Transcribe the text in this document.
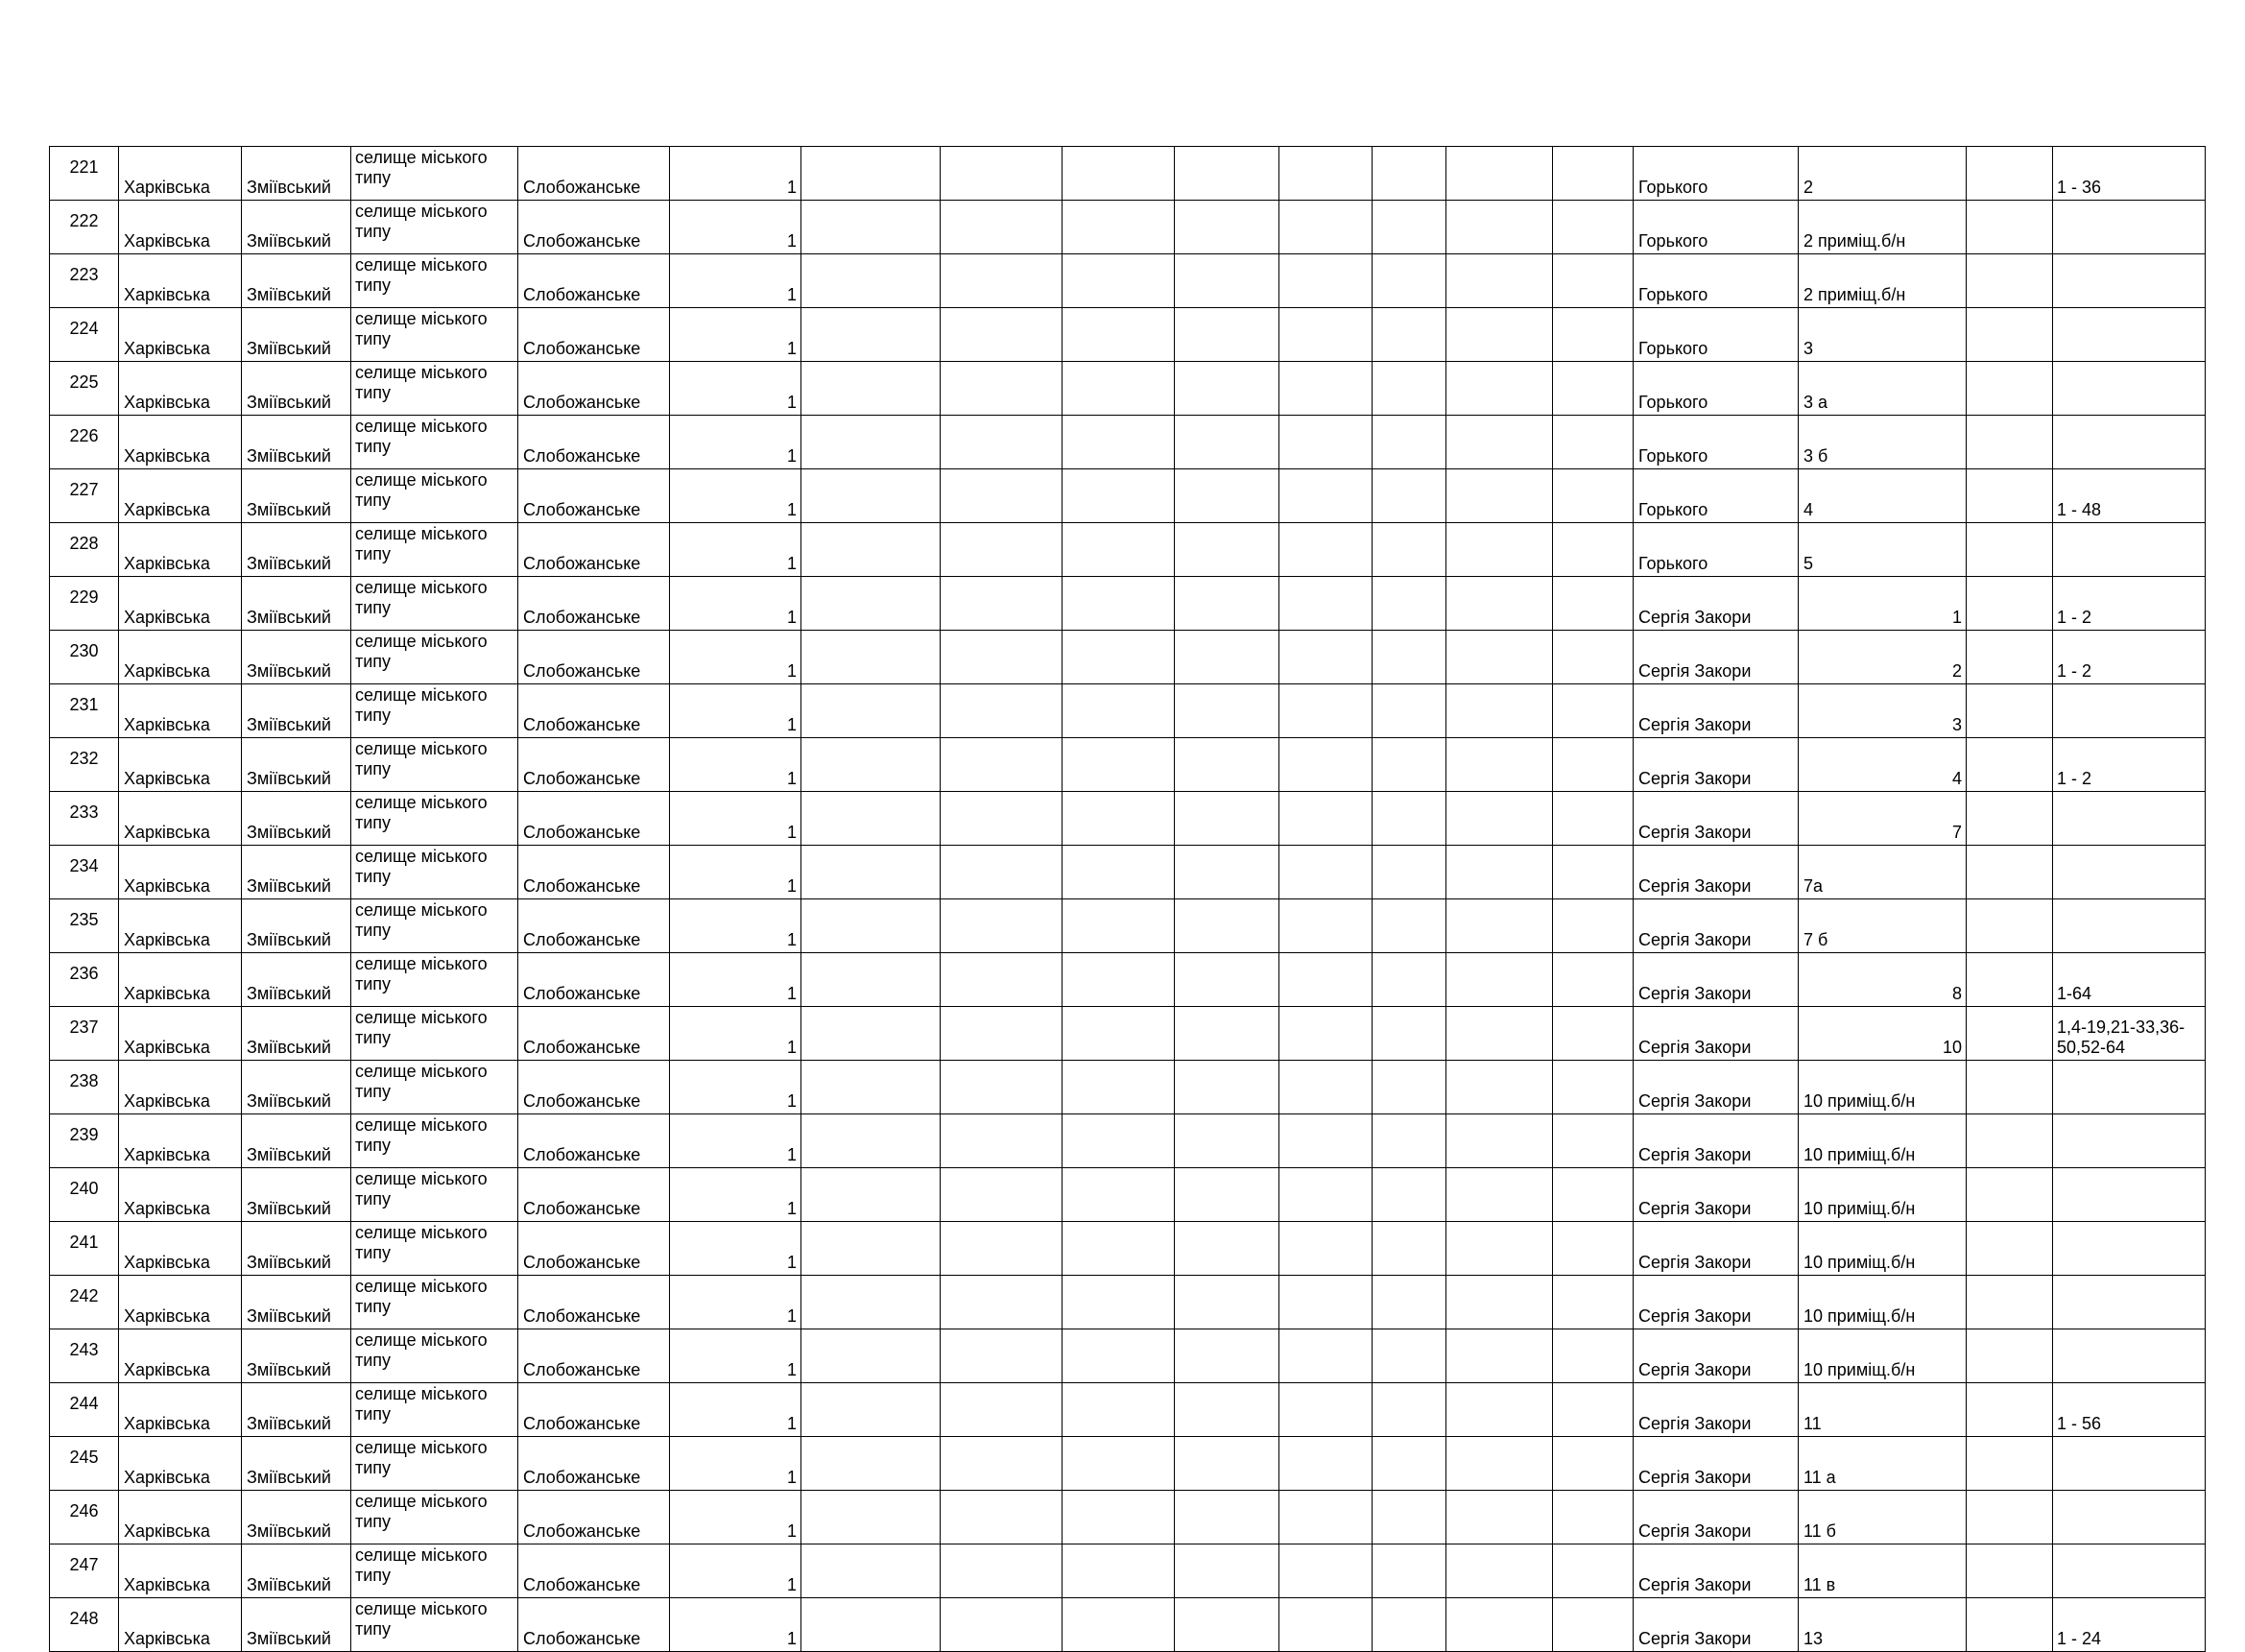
221	Харківська	Зміївський	селище міського типу	Слобожанське	1									Горького	2		1 - 36
222	Харківська	Зміївський	селище міського типу	Слобожанське	1									Горького	2 приміщ.б/н		
223	Харківська	Зміївський	селище міського типу	Слобожанське	1									Горького	2 приміщ.б/н		
224	Харківська	Зміївський	селище міського типу	Слобожанське	1									Горького	3		
225	Харківська	Зміївський	селище міського типу	Слобожанське	1									Горького	3 а		
226	Харківська	Зміївський	селище міського типу	Слобожанське	1									Горького	3 б		
227	Харківська	Зміївський	селище міського типу	Слобожанське	1									Горького	4		1 - 48
228	Харківська	Зміївський	селище міського типу	Слобожанське	1									Горького	5		
229	Харківська	Зміївський	селище міського типу	Слобожанське	1									Сергія Закори	1		1 - 2
230	Харківська	Зміївський	селище міського типу	Слобожанське	1									Сергія Закори	2		1 - 2
231	Харківська	Зміївський	селище міського типу	Слобожанське	1									Сергія Закори	3		
232	Харківська	Зміївський	селище міського типу	Слобожанське	1									Сергія Закори	4		1 - 2
233	Харківська	Зміївський	селище міського типу	Слобожанське	1									Сергія Закори	7		
234	Харківська	Зміївський	селище міського типу	Слобожанське	1									Сергія Закори	7а		
235	Харківська	Зміївський	селище міського типу	Слобожанське	1									Сергія Закори	7 б		
236	Харківська	Зміївський	селище міського типу	Слобожанське	1									Сергія Закори	8		1-64
237	Харківська	Зміївський	селище міського типу	Слобожанське	1									Сергія Закори	10		1,4-19,21-33,36-50,52-64
238	Харківська	Зміївський	селище міського типу	Слобожанське	1									Сергія Закори	10 приміщ.б/н		
239	Харківська	Зміївський	селище міського типу	Слобожанське	1									Сергія Закори	10 приміщ.б/н		
240	Харківська	Зміївський	селище міського типу	Слобожанське	1									Сергія Закори	10 приміщ.б/н		
241	Харківська	Зміївський	селище міського типу	Слобожанське	1									Сергія Закори	10 приміщ.б/н		
242	Харківська	Зміївський	селище міського типу	Слобожанське	1									Сергія Закори	10 приміщ.б/н		
243	Харківська	Зміївський	селище міського типу	Слобожанське	1									Сергія Закори	10 приміщ.б/н		
244	Харківська	Зміївський	селище міського типу	Слобожанське	1									Сергія Закори	11		1 - 56
245	Харківська	Зміївський	селище міського типу	Слобожанське	1									Сергія Закори	11 а		
246	Харківська	Зміївський	селище міського типу	Слобожанське	1									Сергія Закори	11 б		
247	Харківська	Зміївський	селище міського типу	Слобожанське	1									Сергія Закори	11 в		
248	Харківська	Зміївський	селище міського типу	Слобожанське	1									Сергія Закори	13		1 - 24
